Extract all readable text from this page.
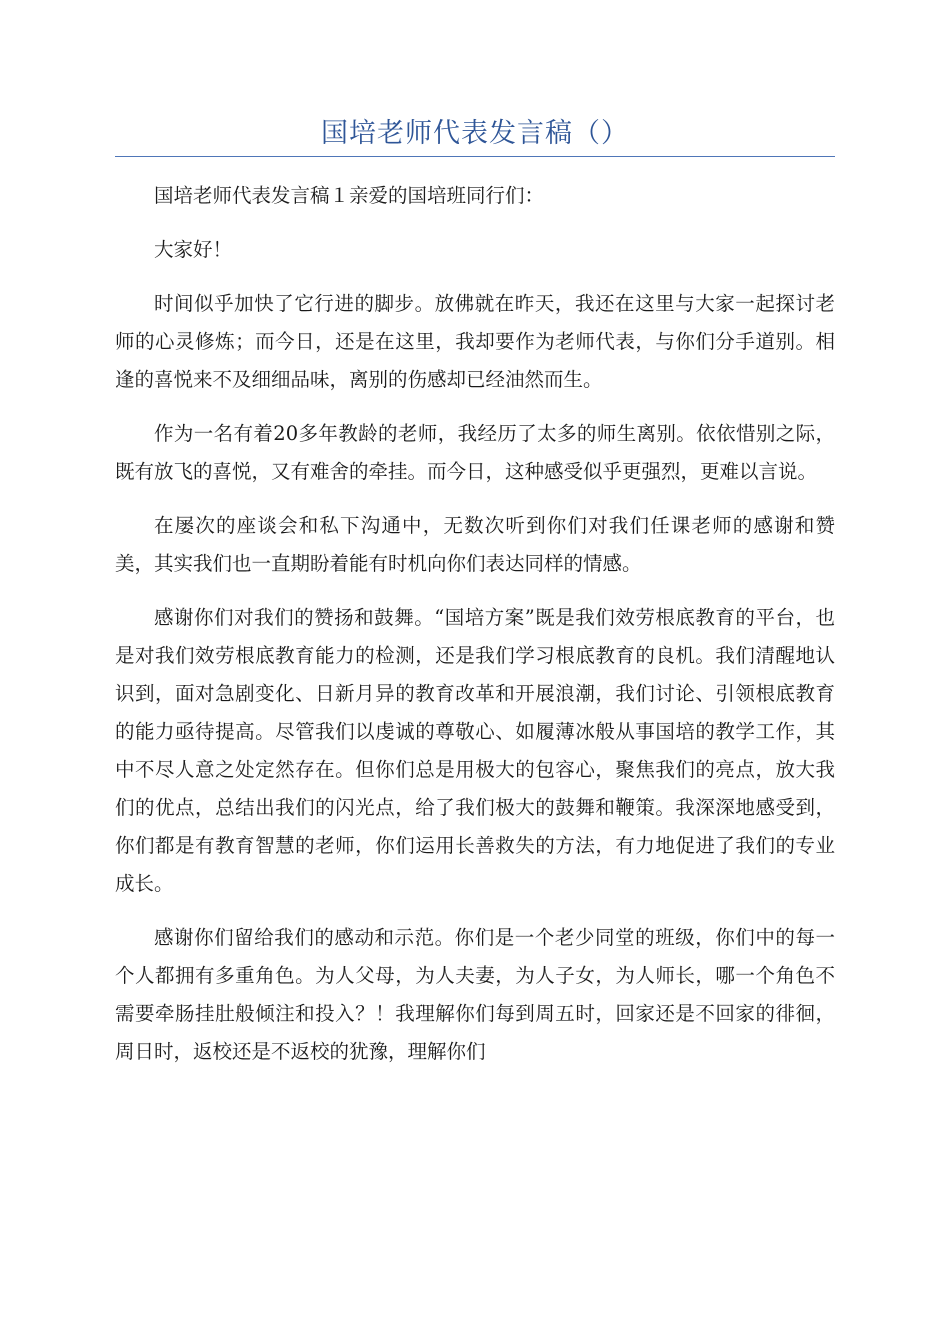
国培老师代表发言稿（）

国培老师代表发言稿１亲爱的国培班同行们：

大家好！

时间似乎加快了它行进的脚步。放佛就在昨天，我还在这里与大家一起探讨老师的心灵修炼；而今日，还是在这里，我却要作为老师代表，与你们分手道别。相逢的喜悦来不及细细品味，离别的伤感却已经油然而生。

作为一名有着20多年教龄的老师，我经历了太多的师生离别。依依惜别之际，既有放飞的喜悦，又有难舍的牵挂。而今日，这种感受似乎更强烈，更难以言说。

在屡次的座谈会和私下沟通中，无数次听到你们对我们任课老师的感谢和赞美，其实我们也一直期盼着能有时机向你们表达同样的情感。

感谢你们对我们的赞扬和鼓舞。“国培方案”既是我们效劳根底教育的平台，也是对我们效劳根底教育能力的检测，还是我们学习根底教育的良机。我们清醒地认识到，面对急剧变化、日新月异的教育改革和开展浪潮，我们讨论、引领根底教育的能力亟待提高。尽管我们以虔诚的尊敬心、如履薄冰般从事国培的教学工作，其中不尽人意之处定然存在。但你们总是用极大的包容心，聚焦我们的亮点，放大我们的优点，总结出我们的闪光点，给了我们极大的鼓舞和鞭策。我深深地感受到，你们都是有教育智慧的老师，你们运用长善救失的方法，有力地促进了我们的专业成长。

感谢你们留给我们的感动和示范。你们是一个老少同堂的班级，你们中的每一个人都拥有多重角色。为人父母，为人夫妻，为人子女，为人师长，哪一个角色不需要牵肠挂肚般倾注和投入？！我理解你们每到周五时，回家还是不回家的徘徊，周日时，返校还是不返校的犹豫，理解你们
